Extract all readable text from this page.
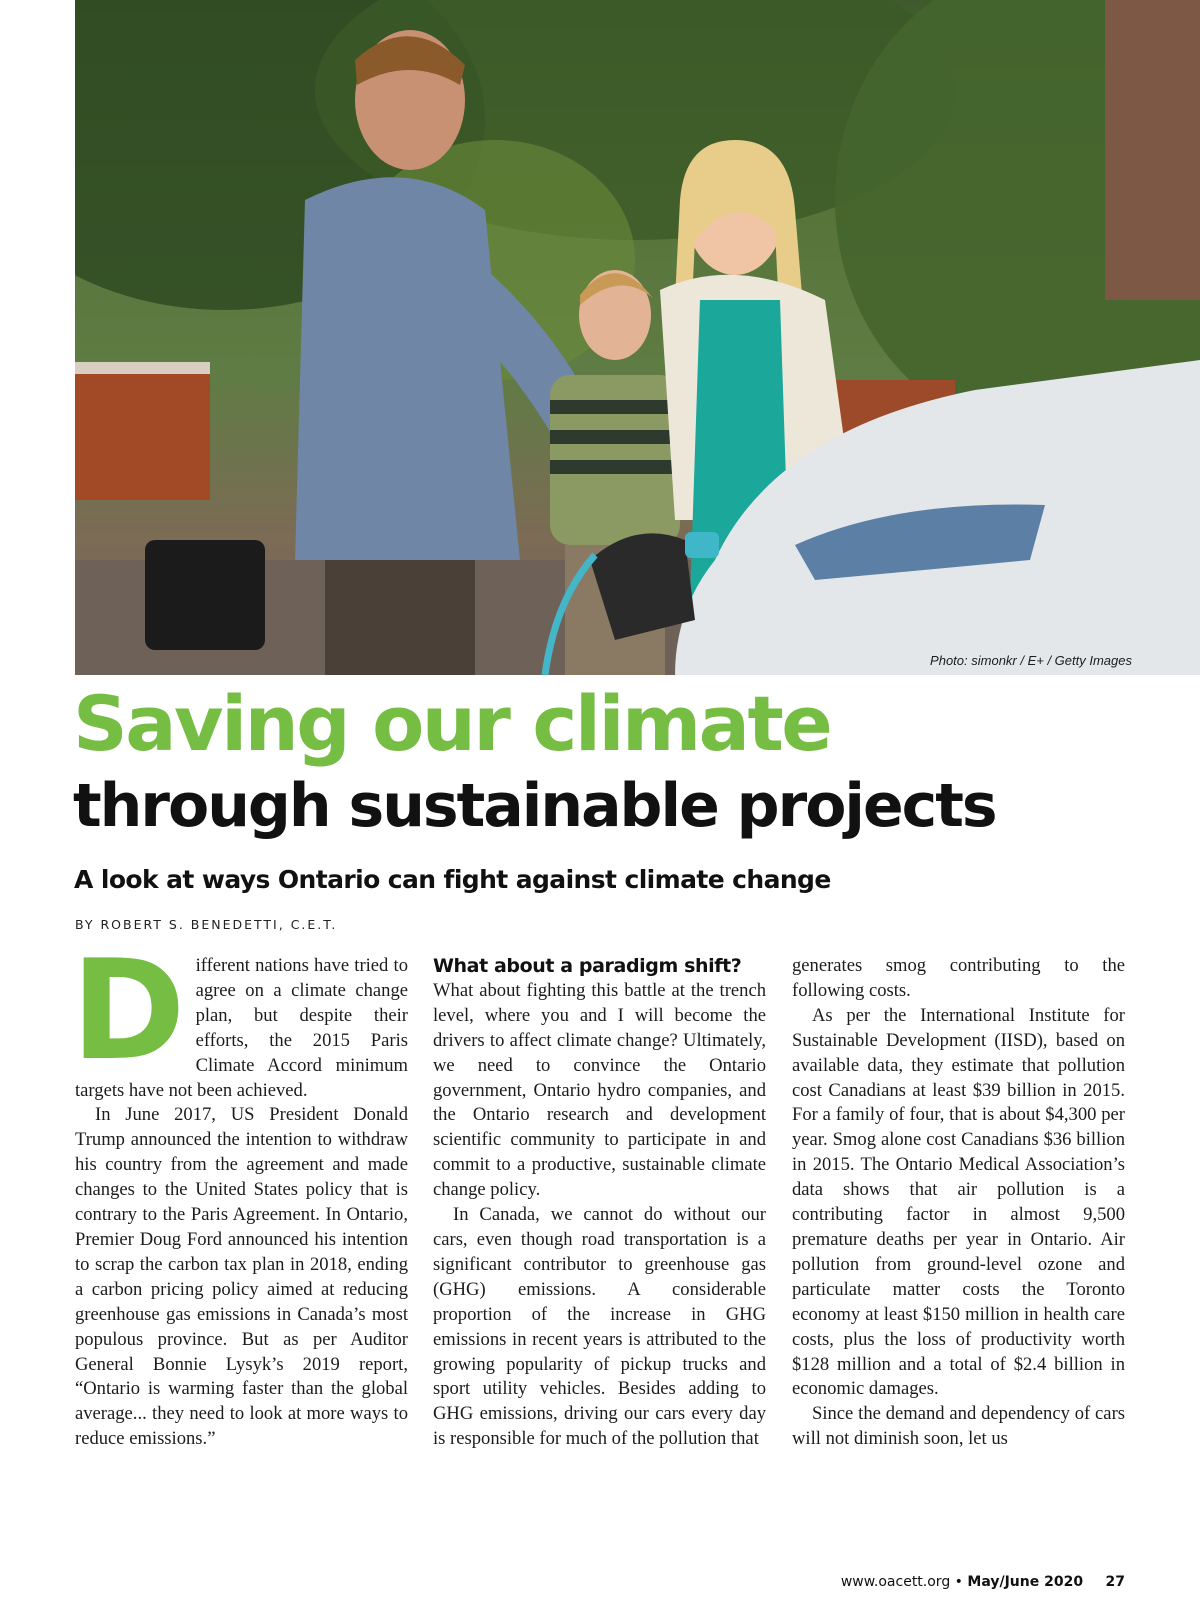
Photo: simonkr / E+ / Getty Images
Saving our climate
through sustainable projects
A look at ways Ontario can fight against climate change
BY ROBERT S. BENEDETTI, C.E.T.
D ifferent nations have tried to agree on a climate change plan, but despite their efforts, the 2015 Paris Climate Accord minimum targets have not been achieved.

In June 2017, US President Donald Trump announced the intention to withdraw his country from the agreement and made changes to the United States policy that is contrary to the Paris Agreement. In Ontario, Premier Doug Ford announced his intention to scrap the carbon tax plan in 2018, ending a carbon pricing policy aimed at reducing greenhouse gas emissions in Canada’s most populous province. But as per Auditor General Bonnie Lysyk’s 2019 report, “Ontario is warming faster than the global average... they need to look at more ways to reduce emissions.”

What about a paradigm shift?

What about fighting this battle at the trench level, where you and I will become the drivers to affect climate change? Ultimately, we need to convince the Ontario government, Ontario hydro companies, and the Ontario research and development scientific community to participate in and commit to a productive, sustainable climate change policy.

In Canada, we cannot do without our cars, even though road transportation is a significant contributor to greenhouse gas (GHG) emissions. A considerable proportion of the increase in GHG emissions in recent years is attributed to the growing popularity of pickup trucks and sport utility vehicles. Besides adding to GHG emissions, driving our cars every day is responsible for much of the pollution that

generates smog contributing to the following costs.

As per the International Institute for Sustainable Development (IISD), based on available data, they estimate that pollution cost Canadians at least $39 billion in 2015. For a family of four, that is about $4,300 per year. Smog alone cost Canadians $36 billion in 2015. The Ontario Medical Association’s data shows that air pollution is a contributing factor in almost 9,500 premature deaths per year in Ontario. Air pollution from ground-level ozone and particulate matter costs the Toronto economy at least $150 million in health care costs, plus the loss of productivity worth $128 million and a total of $2.4 billion in economic damages.

Since the demand and dependency of cars will not diminish soon, let us

www.oacett.org • May/June 2020 27
